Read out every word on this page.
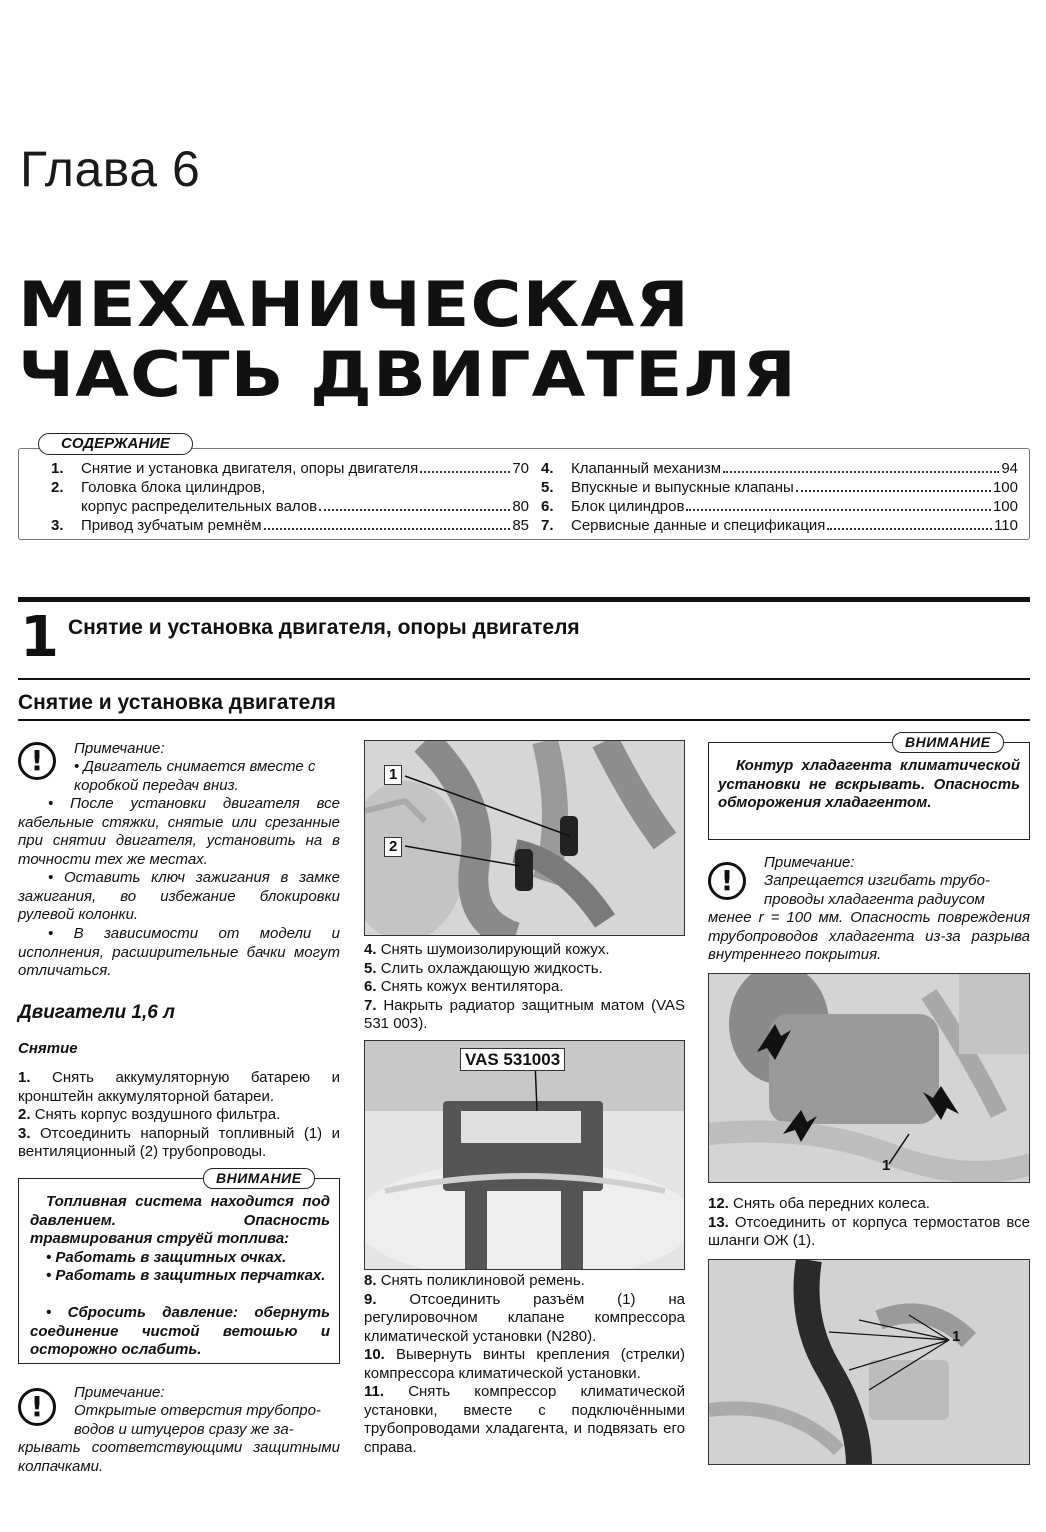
Глава 6
МЕХАНИЧЕСКАЯ
ЧАСТЬ ДВИГАТЕЛЯ
1.	Снятие и установка двигателя, опоры двигателя	70
2.	Головка блока цилиндров,
корпус распределительных валов	80
3.	Привод зубчатым ремнём	85
4.	Клапанный механизм	94
5.	Впускные и выпускные клапаны	100
6.	Блок цилиндров	100
7.	Сервисные данные и спецификация	110
СОДЕРЖАНИЕ
1 Снятие и установка двигателя, опоры двигателя
Снятие и установка двигателя
!	Примечание:
• Двигатель снимается вместе с
коробкой передач вниз.
• После установки двигателя все кабельные стяжки, снятые или срезанные при снятии двигателя, установить на в точности тех же местах.
• Оставить ключ зажигания в замке зажигания, во избежание блокировки рулевой колонки.
• В зависимости от модели и исполнения, расширительные бачки могут отличаться.
Двигатели 1,6 л
Снятие
1. Снять аккумуляторную батарею и кронштейн аккумуляторной батареи.
2. Снять корпус воздушного фильтра.
3. Отсоединить напорный топливный (1) и вентиляционный (2) трубопроводы.
ВНИМАНИЕ
Топливная система находится под давлением. Опасность травмирования струёй топлива:
• Работать в защитных очках.
• Работать в защитных перчатках.
• Сбросить давление: обернуть соединение чистой ветошью и осторожно ослабить.
!	Примечание:
Открытые отверстия трубопро-
водов и штуцеров сразу же за-
крывать соответствующими защитными колпачками.
1
2
4. Снять шумоизолирующий кожух.
5. Слить охлаждающую жидкость.
6. Снять кожух вентилятора.
7. Накрыть радиатор защитным матом (VAS 531 003).
VAS 531003
8. Снять поликлиновой ремень.
9. Отсоединить разъём (1) на регулировочном клапане компрессора климатической установки (N280).
10. Вывернуть винты крепления (стрелки) компрессора климатической установки.
11. Снять компрессор климатической установки, вместе с подключёнными трубопроводами хладагента, и подвязать его справа.
ВНИМАНИЕ
Контур хладагента климатической установки не вскрывать. Опасность обморожения хладагентом.
!
Примечание:
Запрещается изгибать трубо-
проводы хладагента радиусом
менее r = 100 мм. Опасность повреждения трубопроводов хладагента из-за разрыва внутреннего покрытия.
1
12. Снять оба передних колеса.
13. Отсоединить от корпуса термостатов все шланги ОЖ (1).
1
